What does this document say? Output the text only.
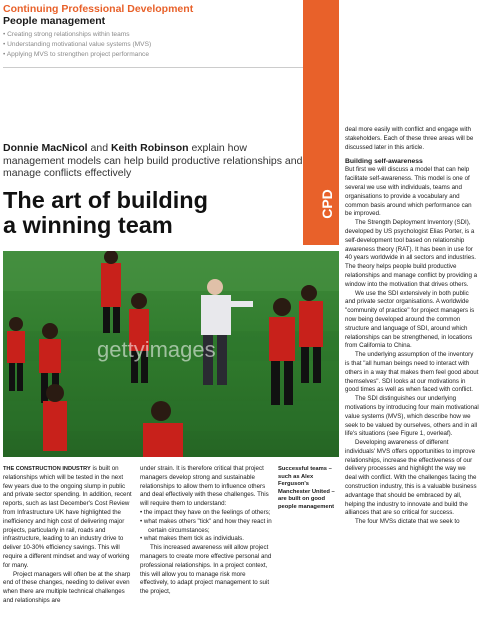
Continuing Professional Development
People management
• Creating strong relationships within teams
• Understanding motivational value systems (MVS)
• Applying MVS to strengthen project performance
CPD
Donnie MacNicol and Keith Robinson explain how management models can help build productive relationships and manage conflicts effectively
The art of building
a winning team
gettyimages

THE CONSTRUCTION INDUSTRY is built on relationships which will be tested in the next few years due to the ongoing slump in public and private sector spending. In addition, recent reports, such as last December's Cost Review from Infrastructure UK have highlighted the inefficiency and high cost of delivering major projects, particularly in rail, roads and infrastructure, leading to an industry drive to deliver 10-30% efficiency savings. This will require a different mindset and way of working for many.

Project managers will often be at the sharp end of these changes, needing to deliver even when there are multiple technical challenges and relationships are

under strain. It is therefore critical that project managers develop strong and sustainable relationships to allow them to influence others and deal effectively with these challenges. This will require them to understand:

• the impact they have on the feelings of others;

• what makes others "tick" and how they react in certain circumstances;

• what makes them tick as individuals.

This increased awareness will allow project managers to create more effective personal and professional relationships. In a project context, this will allow you to manage risk more effectively, to adapt project management to suit the project,

Successful teams – such as Alex Ferguson's Manchester United – are built on good people management

deal more easily with conflict and engage with stakeholders. Each of these three areas will be discussed later in this article.

Building self-awareness

But first we will discuss a model that can help facilitate self-awareness. This model is one of several we use with individuals, teams and organisations to provide a vocabulary and common basis around which performance can be improved.

The Strength Deployment Inventory (SDI), developed by US psychologist Elias Porter, is a self-development tool based on relationship awareness theory (RAT). It has been in use for 40 years worldwide in all sectors and industries. The theory helps people build productive relationships and manage conflict by providing a window into the motivation that drives others.

We use the SDI extensively in both public and private sector organisations. A worldwide "community of practice" for project managers is now being developed around the common structure and language of SDI, around which relationships can be strengthened, in locations from California to China.

The underlying assumption of the inventory is that "all human beings need to interact with others in a way that makes them feel good about themselves". SDI looks at our motivations in good times as well as when faced with conflict.

The SDI distinguishes our underlying motivations by introducing four main motivational value systems (MVS), which describe how we seek to be valued by ourselves, others and in all life's situations (see Figure 1, overleaf).

Developing awareness of different individuals' MVS offers opportunities to improve relationships, increase the effectiveness of our delivery processes and highlight the way we deal with conflict. With the challenges facing the construction industry, this is a valuable business advantage that should be embraced by all, helping the industry to innovate and build the alliances that are so critical for success.

The four MVSs dictate that we seek to
